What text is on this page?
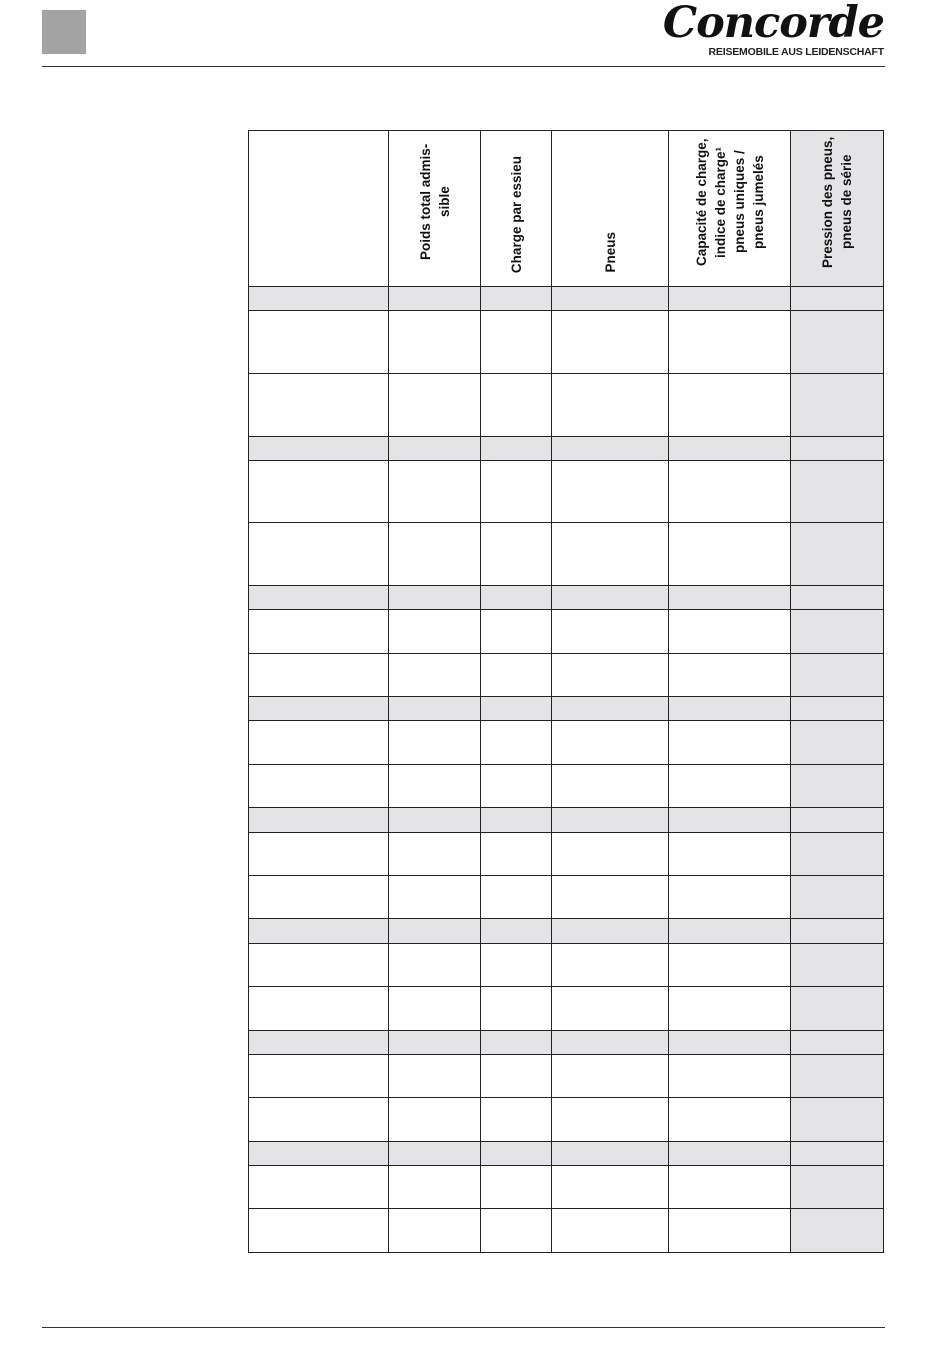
Concorde
REISEMOBILE AUS LEIDENSCHAFT

	Poids total admis-sible	Charge par essieu	Pneus	Capacité de charge, indice de charge¹ pneus uniques / pneus jumelés	Pression des pneus, pneus de série
